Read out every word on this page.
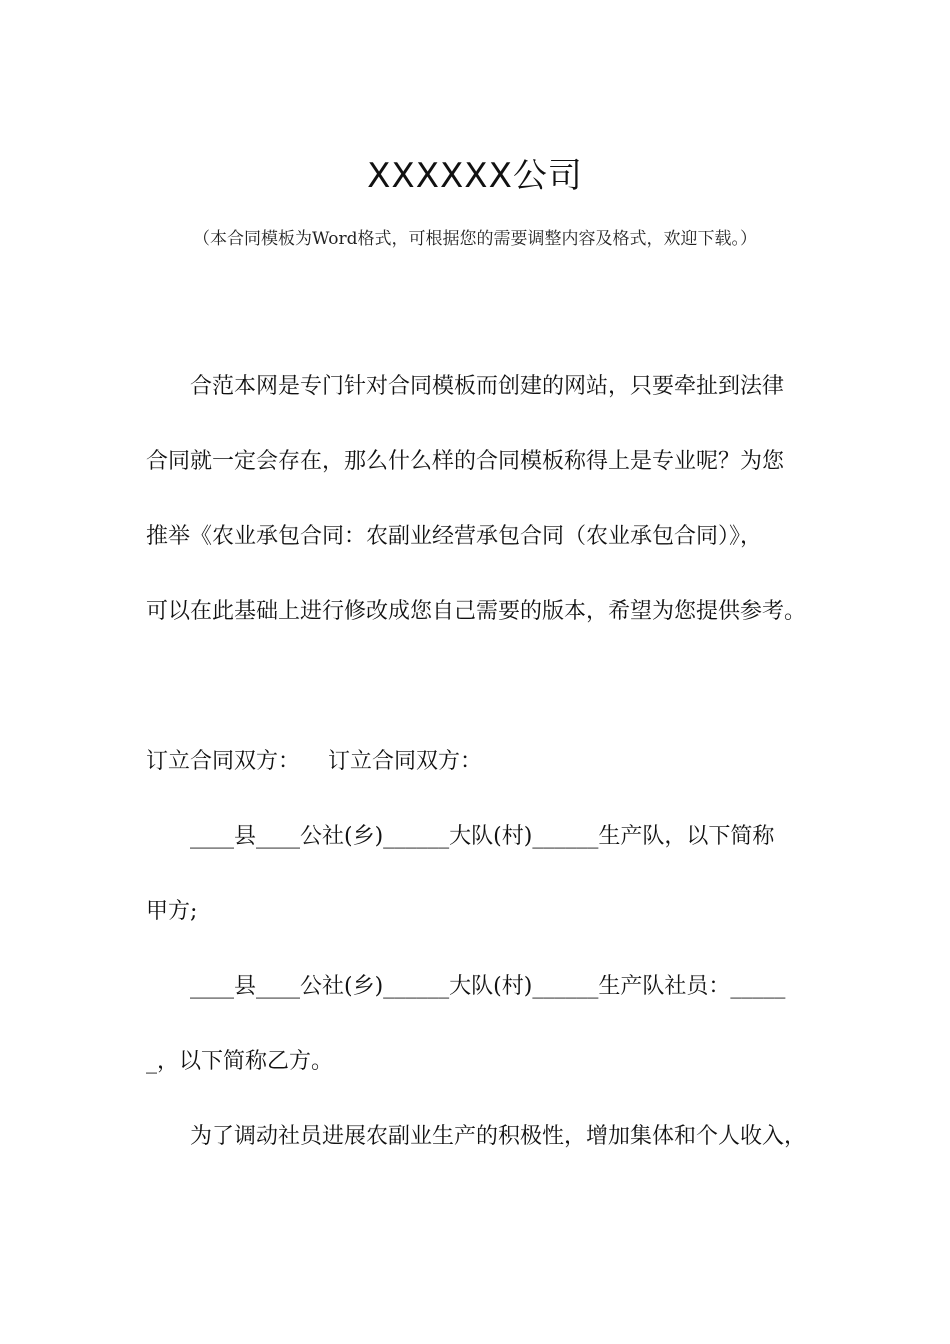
XXXXXX公司
（本合同模板为Word格式，可根据您的需要调整内容及格式，欢迎下载。）
合范本网是专门针对合同模板而创建的网站，只要牵扯到法律
合同就一定会存在，那么什么样的合同模板称得上是专业呢？为您
推举《农业承包合同：农副业经营承包合同（农业承包合同）》，
可以在此基础上进行修改成您自己需要的版本，希望为您提供参考。
订立合同双方：    订立合同双方：
____县____公社(乡)______大队(村)______生产队，以下简称
甲方;
____县____公社(乡)______大队(村)______生产队社员：_____
_，以下简称乙方。
为了调动社员进展农副业生产的积极性，增加集体和个人收入，
